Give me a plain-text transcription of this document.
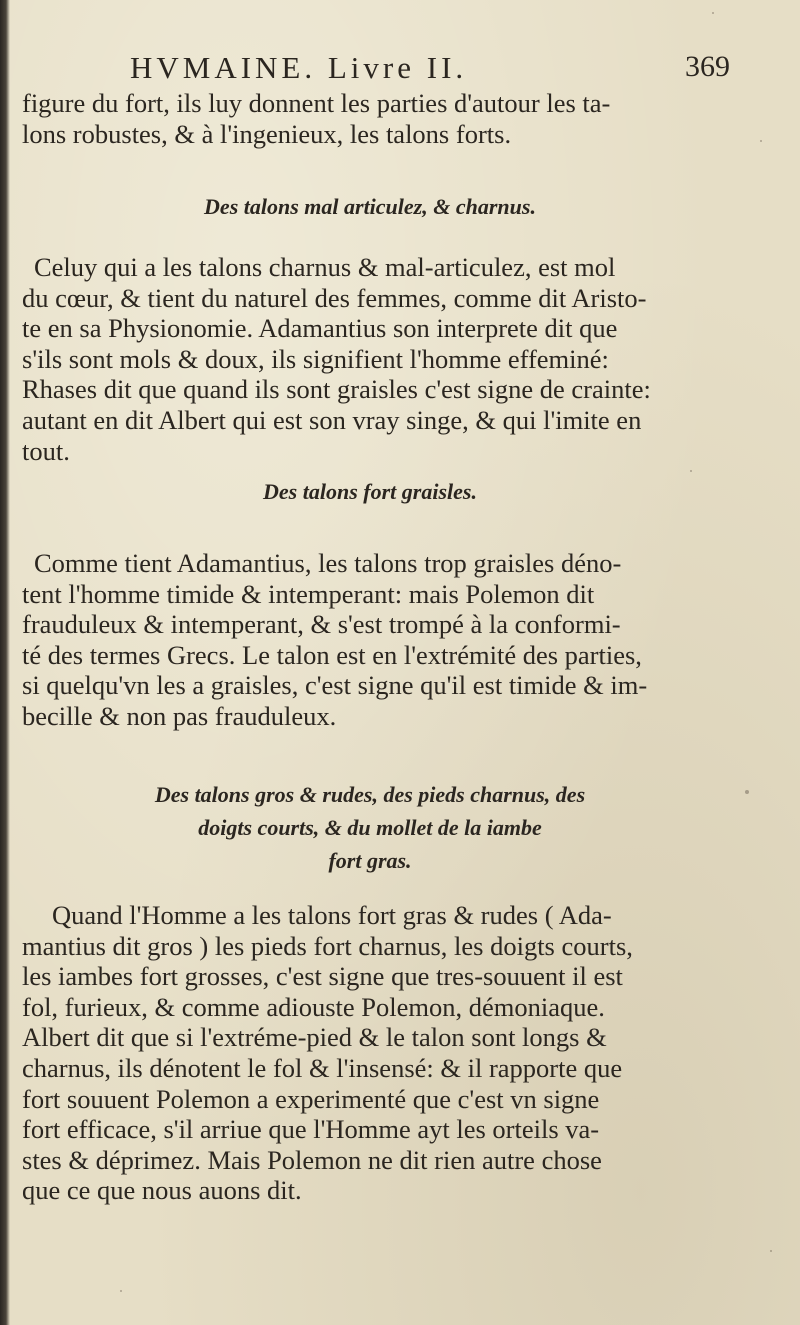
HVMAINE. Livre II.	369

figure du fort, ils luy donnent les parties d'autour les ta-
lons robustes, & à l'ingenieux, les talons forts.

Des talons mal articulez, & charnus.

Celuy qui a les talons charnus & mal-articulez, est mol
du cœur, & tient du naturel des femmes, comme dit Aristo-
te en sa Physionomie. Adamantius son interprete dit que
s'ils sont mols & doux, ils signifient l'homme effeminé:
Rhases dit que quand ils sont graisles c'est signe de crainte:
autant en dit Albert qui est son vray singe, & qui l'imite en
tout.

Des talons fort graisles.

Comme tient Adamantius, les talons trop graisles déno-
tent l'homme timide & intemperant: mais Polemon dit
frauduleux & intemperant, & s'est trompé à la conformi-
té des termes Grecs. Le talon est en l'extrémité des parties,
si quelqu'vn les a graisles, c'est signe qu'il est timide & im-
becille & non pas frauduleux.

Des talons gros & rudes, des pieds charnus, des
doigts courts, & du mollet de la iambe
fort gras.

Quand l'Homme a les talons fort gras & rudes ( Ada-
mantius dit gros ) les pieds fort charnus, les doigts courts,
les iambes fort grosses, c'est signe que tres-souuent il est
fol, furieux, & comme adiouste Polemon, démoniaque.
Albert dit que si l'extréme-pied & le talon sont longs &
charnus, ils dénotent le fol & l'insensé: & il rapporte que
fort souuent Polemon a experimenté que c'est vn signe
fort efficace, s'il arriue que l'Homme ayt les orteils va-
stes & déprimez. Mais Polemon ne dit rien autre chose
que ce que nous auons dit.
